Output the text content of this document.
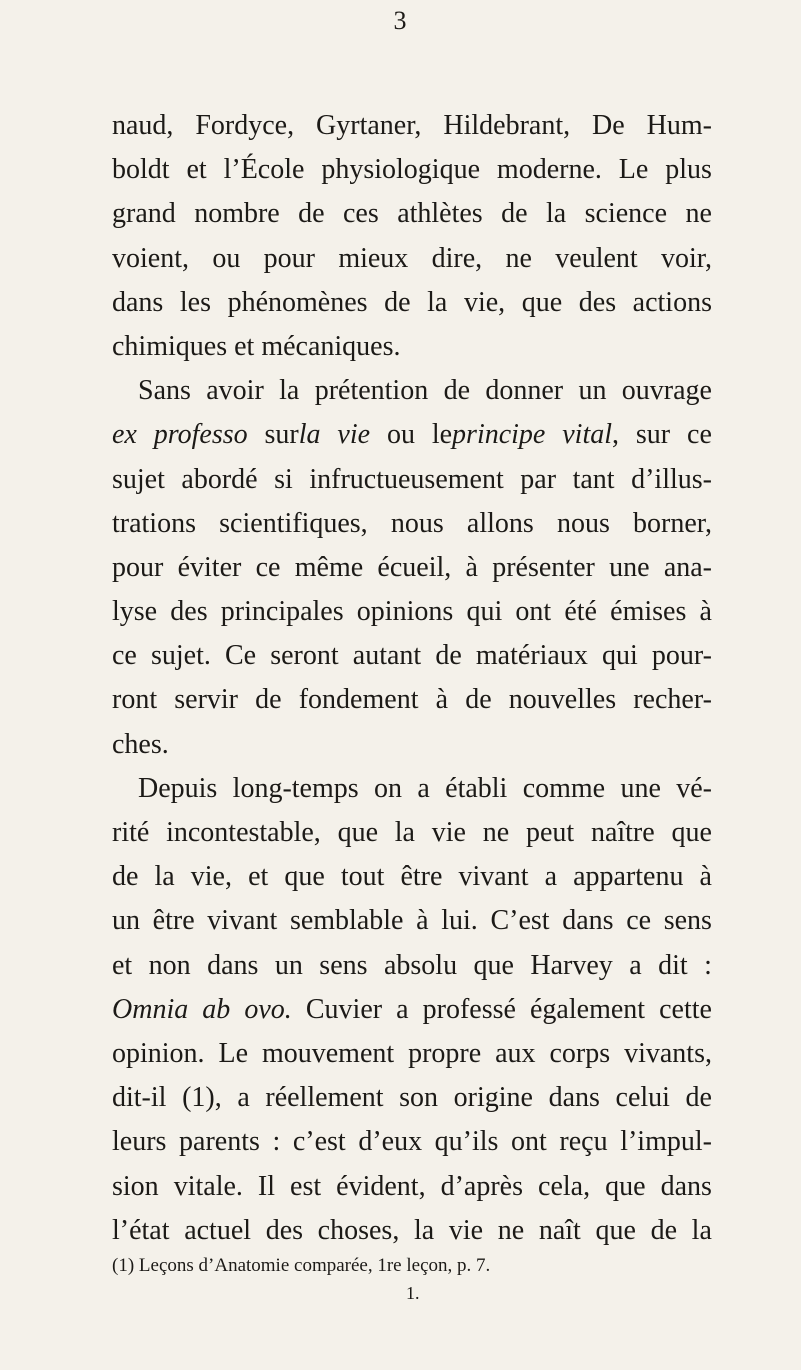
3
naud, Fordyce, Gyrtaner, Hildebrant, De Hum-
boldt et l’École physiologique moderne. Le plus
grand nombre de ces athlètes de la science ne
voient, ou pour mieux dire, ne veulent voir,
dans les phénomènes de la vie, que des actions
chimiques
et
mécaniques.
Sans avoir la prétention de donner un ouvrage
ex professo surla vie ou leprincipe vital, sur ce
sujet abordé si infructueusement par tant d’illus-
trations scientifiques, nous allons nous borner,
pour éviter ce même écueil, à présenter une ana-
lyse des principales opinions qui ont été émises à
ce sujet. Ce seront autant de matériaux qui pour-
ront servir de fondement à de nouvelles recher-
ches.
Depuis long-temps on a établi comme une vé-
rité incontestable, que la vie ne peut naître que
de la vie, et que tout être vivant a appartenu à
un être vivant semblable à lui. C’est dans ce sens
et non dans un sens absolu que Harvey a dit :
Omnia ab ovo. Cuvier a professé également cette
opinion. Le mouvement propre aux corps vivants,
dit-il (1), a réellement son origine dans celui de
leurs parents : c’est d’eux qu’ils ont reçu l’impul-
sion vitale. Il est évident, d’après cela, que dans
l’état actuel des choses, la vie ne naît que de la
(1) Leçons d’Anatomie comparée, 1re leçon, p. 7.
1.
